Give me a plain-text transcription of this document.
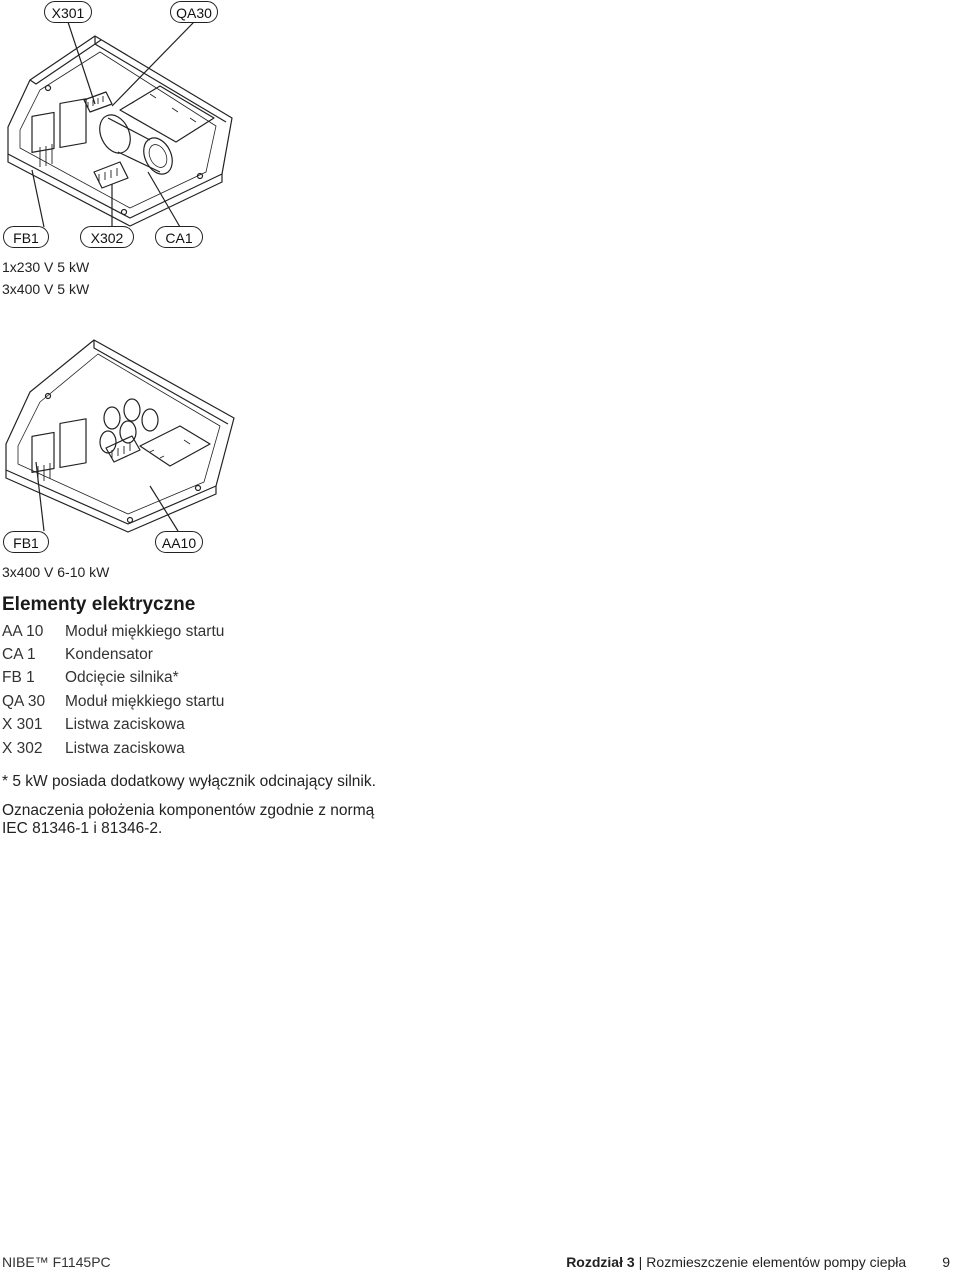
X301	QA30
FB1	X302	CA1
1x230 V 5 kW
3x400 V 5 kW
FB1	AA10
3x400 V 6-10 kW
Elementy elektryczne
AA 10	Moduł miękkiego startu
CA 1	Kondensator
FB 1	Odcięcie silnika*
QA 30	Moduł miękkiego startu
X 301	Listwa zaciskowa
X 302	Listwa zaciskowa
* 5 kW posiada dodatkowy wyłącznik odcinający silnik.
Oznaczenia położenia komponentów zgodnie z normą
IEC 81346-1 i 81346-2.
NIBE™ F1145PC	Rozdział 3 | Rozmieszczenie elementów pompy ciepła	9
